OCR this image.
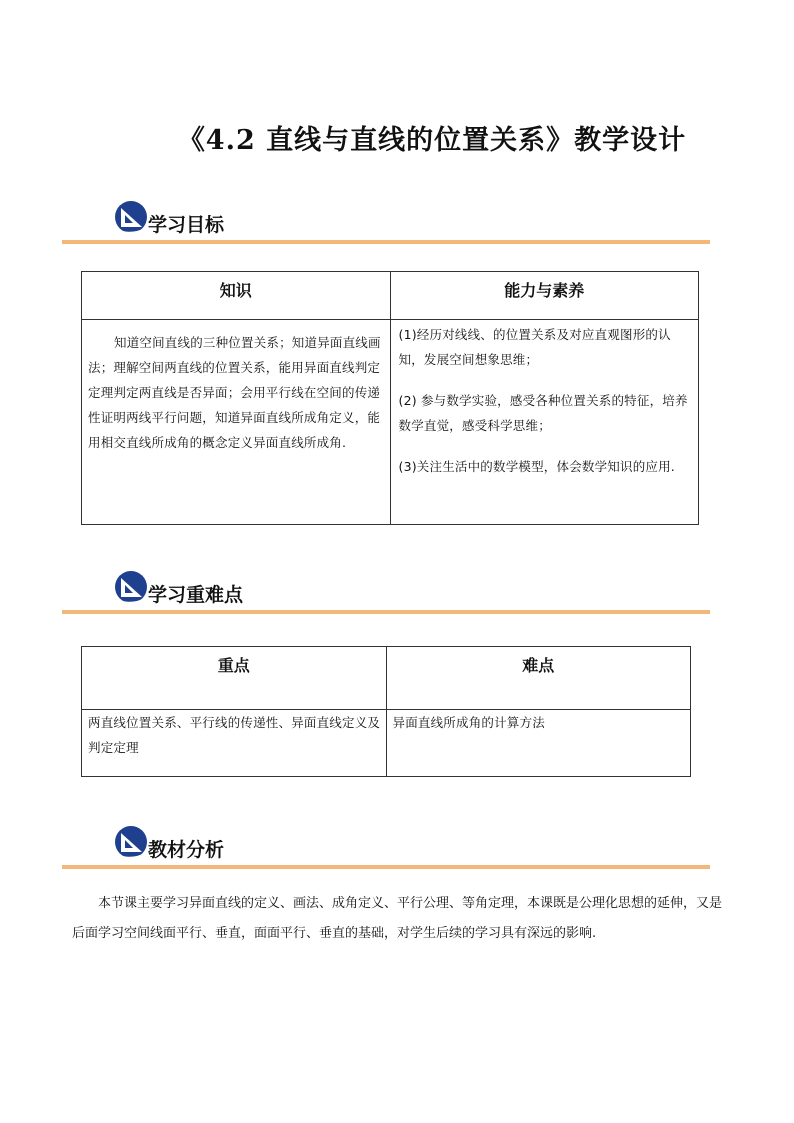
《4.2 直线与直线的位置关系》教学设计
学习目标
知识	能力与素养

知道空间直线的三种位置关系；知道异面直线画法；理解空间两直线的位置关系，能用异面直线判定定理判定两直线是否异面；会用平行线在空间的传递性证明两线平行问题，知道异面直线所成角定义，能用相交直线所成角的概念定义异面直线所成角.	(1)经历对线线、的位置关系及对应直观图形的认知，发展空间想象思维；
(2) 参与数学实验，感受各种位置关系的特征，培养数学直觉，感受科学思维；
(3)关注生活中的数学模型，体会数学知识的应用.
学习重难点
重点	难点

两直线位置关系、平行线的传递性、异面直线定义及判定定理	异面直线所成角的计算方法
教材分析
本节课主要学习异面直线的定义、画法、成角定义、平行公理、等角定理，本课既是公理化思想的延伸，又是后面学习空间线面平行、垂直，面面平行、垂直的基础，对学生后续的学习具有深远的影响.
